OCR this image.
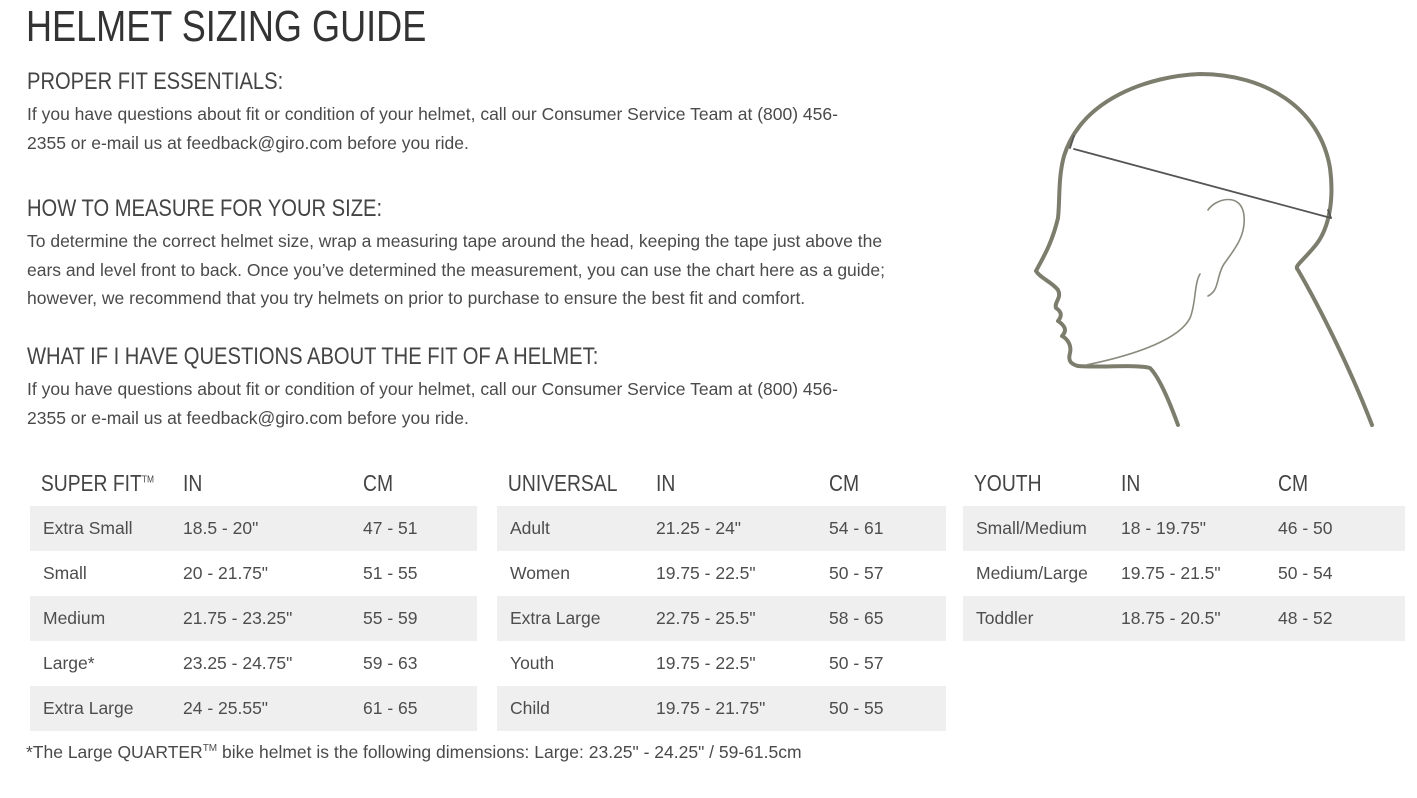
HELMET SIZING GUIDE
PROPER FIT ESSENTIALS:
If you have questions about fit or condition of your helmet, call our Consumer Service Team at (800) 456-
2355 or e-mail us at feedback@giro.com before you ride.
HOW TO MEASURE FOR YOUR SIZE:
To determine the correct helmet size, wrap a measuring tape around the head, keeping the tape just above the
ears and level front to back. Once you’ve determined the measurement, you can use the chart here as a guide;
however, we recommend that you try helmets on prior to purchase to ensure the best fit and comfort.
WHAT IF I HAVE QUESTIONS ABOUT THE FIT OF A HELMET:
If you have questions about fit or condition of your helmet, call our Consumer Service Team at (800) 456-
2355 or e-mail us at feedback@giro.com before you ride.
SUPER FIT™ IN	CM
Extra Small	18.5 - 20"	47 - 51
Small	20 - 21.75"	51 - 55
Medium	21.75 - 23.25"	55 - 59
Large*	23.25 - 24.75"	59 - 63
Extra Large	24 - 25.55"	61 - 65
UNIVERSAL	IN	CM
Adult	21.25 - 24"	54 - 61
Women	19.75 - 22.5"	50 - 57
Extra Large	22.75 - 25.5"	58 - 65
Youth	19.75 - 22.5"	50 - 57
Child	19.75 - 21.75"	50 - 55
YOUTH	IN	CM
Small/Medium	18 - 19.75"	46 - 50
Medium/Large	19.75 - 21.5"	50 - 54
Toddler	18.75 - 20.5"	48 - 52
*The Large QUARTER™ bike helmet is the following dimensions: Large: 23.25" - 24.25" / 59-61.5cm
